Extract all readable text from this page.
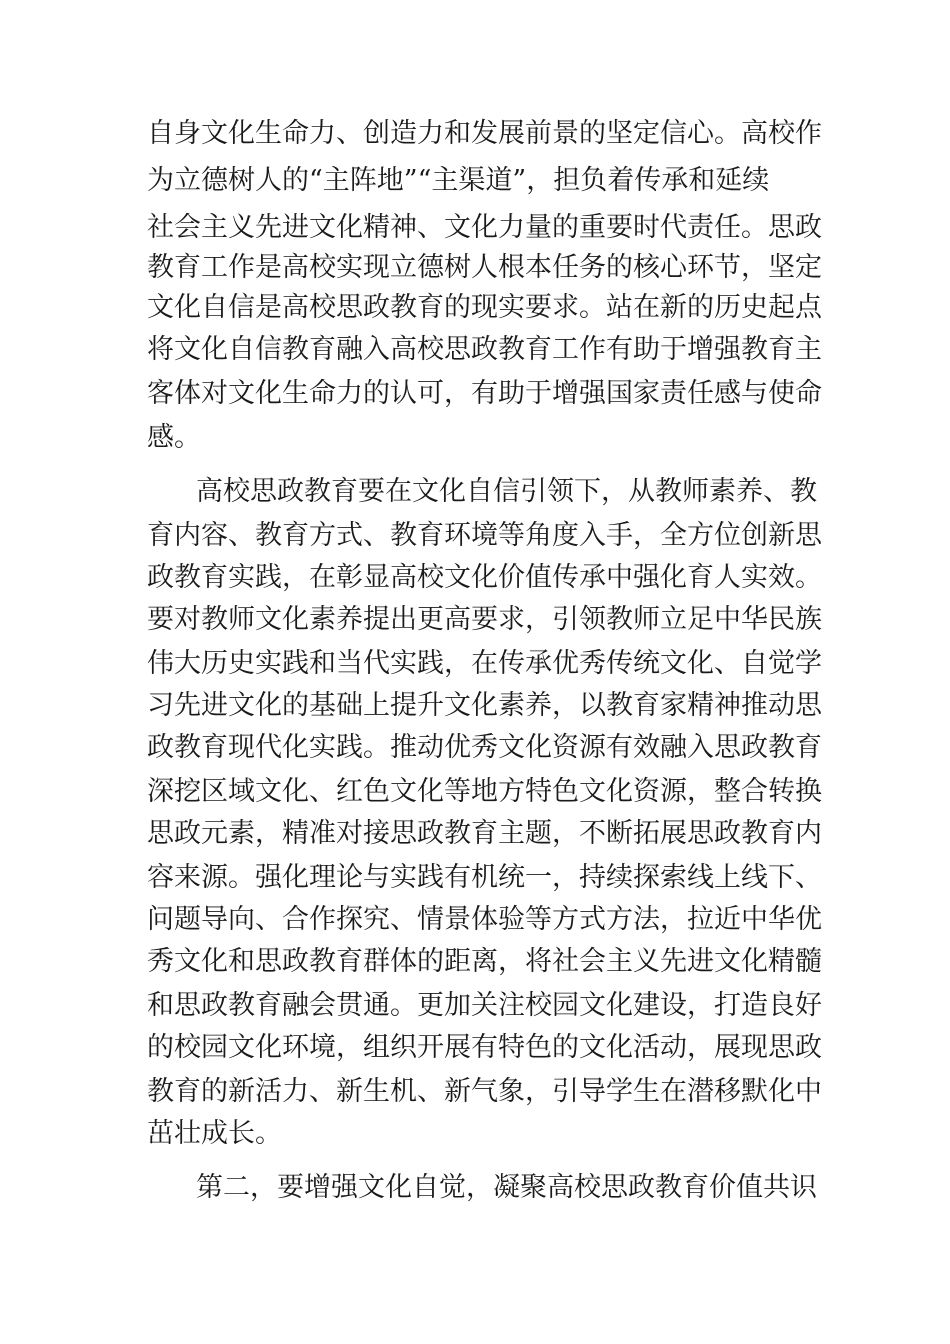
自身文化生命力、创造力和发展前景的坚定信心。高校作
为立德树人的“主阵地”“主渠道”，担负着传承和延续
社会主义先进文化精神、文化力量的重要时代责任。思政
教育工作是高校实现立德树人根本任务的核心环节，坚定
文化自信是高校思政教育的现实要求。站在新的历史起点
将文化自信教育融入高校思政教育工作有助于增强教育主
客体对文化生命力的认可，有助于增强国家责任感与使命
感。
高校思政教育要在文化自信引领下，从教师素养、教
育内容、教育方式、教育环境等角度入手，全方位创新思
政教育实践，在彰显高校文化价值传承中强化育人实效。
要对教师文化素养提出更高要求，引领教师立足中华民族
伟大历史实践和当代实践，在传承优秀传统文化、自觉学
习先进文化的基础上提升文化素养，以教育家精神推动思
政教育现代化实践。推动优秀文化资源有效融入思政教育
深挖区域文化、红色文化等地方特色文化资源，整合转换
思政元素，精准对接思政教育主题，不断拓展思政教育内
容来源。强化理论与实践有机统一，持续探索线上线下、
问题导向、合作探究、情景体验等方式方法，拉近中华优
秀文化和思政教育群体的距离，将社会主义先进文化精髓
和思政教育融会贯通。更加关注校园文化建设，打造良好
的校园文化环境，组织开展有特色的文化活动，展现思政
教育的新活力、新生机、新气象，引导学生在潜移默化中
茁壮成长。
第二，要增强文化自觉，凝聚高校思政教育价值共识
